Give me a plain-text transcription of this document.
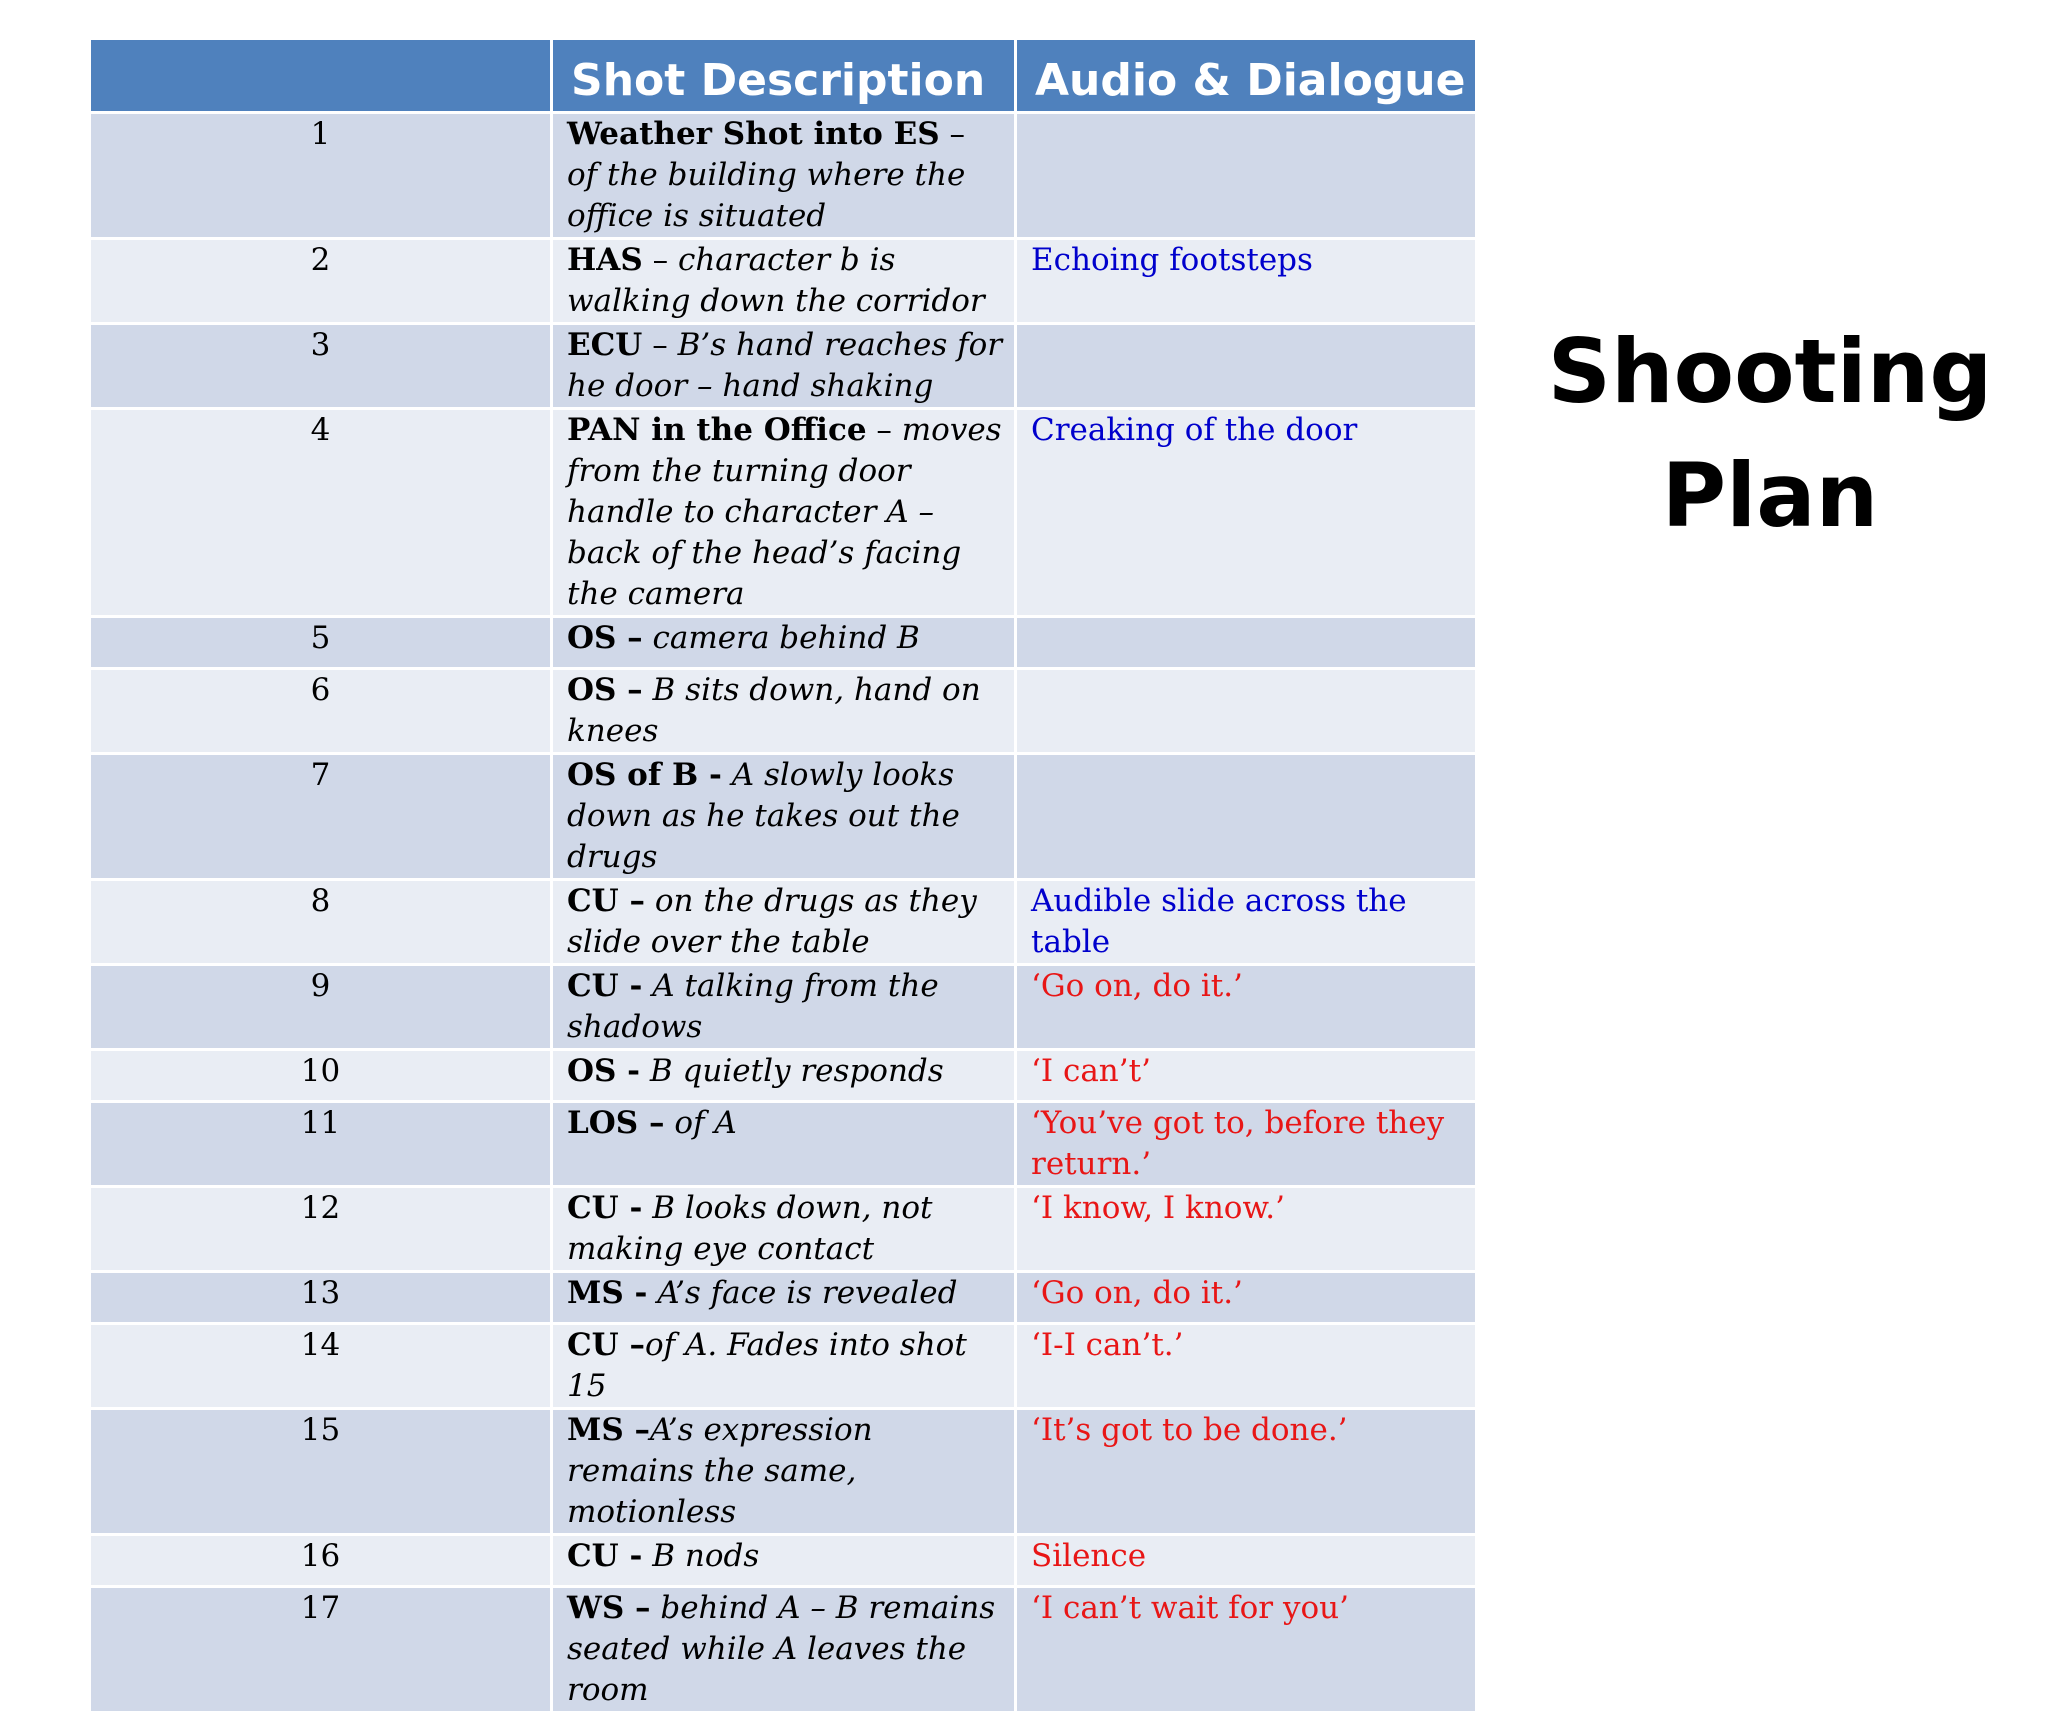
	Shot Description	Audio & Dialogue
1	Weather Shot into ES – of the building where the office is situated	
2	HAS – character b is walking down the corridor	Echoing footsteps
3	ECU – B’s hand reaches for he door – hand shaking	
4	PAN in the Office – moves from the turning door handle to character A – back of the head’s facing the camera	Creaking of the door
5	OS – camera behind B	
6	OS – B sits down, hand on knees	
7	OS of B - A slowly looks down as he takes out the drugs	
8	CU – on the drugs as they slide over the table	Audible slide across the table
9	CU - A talking from the shadows	‘Go on, do it.’
10	OS - B quietly responds	‘I can’t’
11	LOS – of A	‘You’ve got to, before they return.’
12	CU - B looks down, not making eye contact	‘I know, I know.’
13	MS - A’s face is revealed	‘Go on, do it.’
14	CU –of A. Fades into shot 15	‘I-I can’t.’
15	MS –A’s expression remains the same, motionless	‘It’s got to be done.’
16	CU - B nods	Silence
17	WS – behind A – B remains seated while A leaves the room	‘I can’t wait for you’
Shooting
Plan
